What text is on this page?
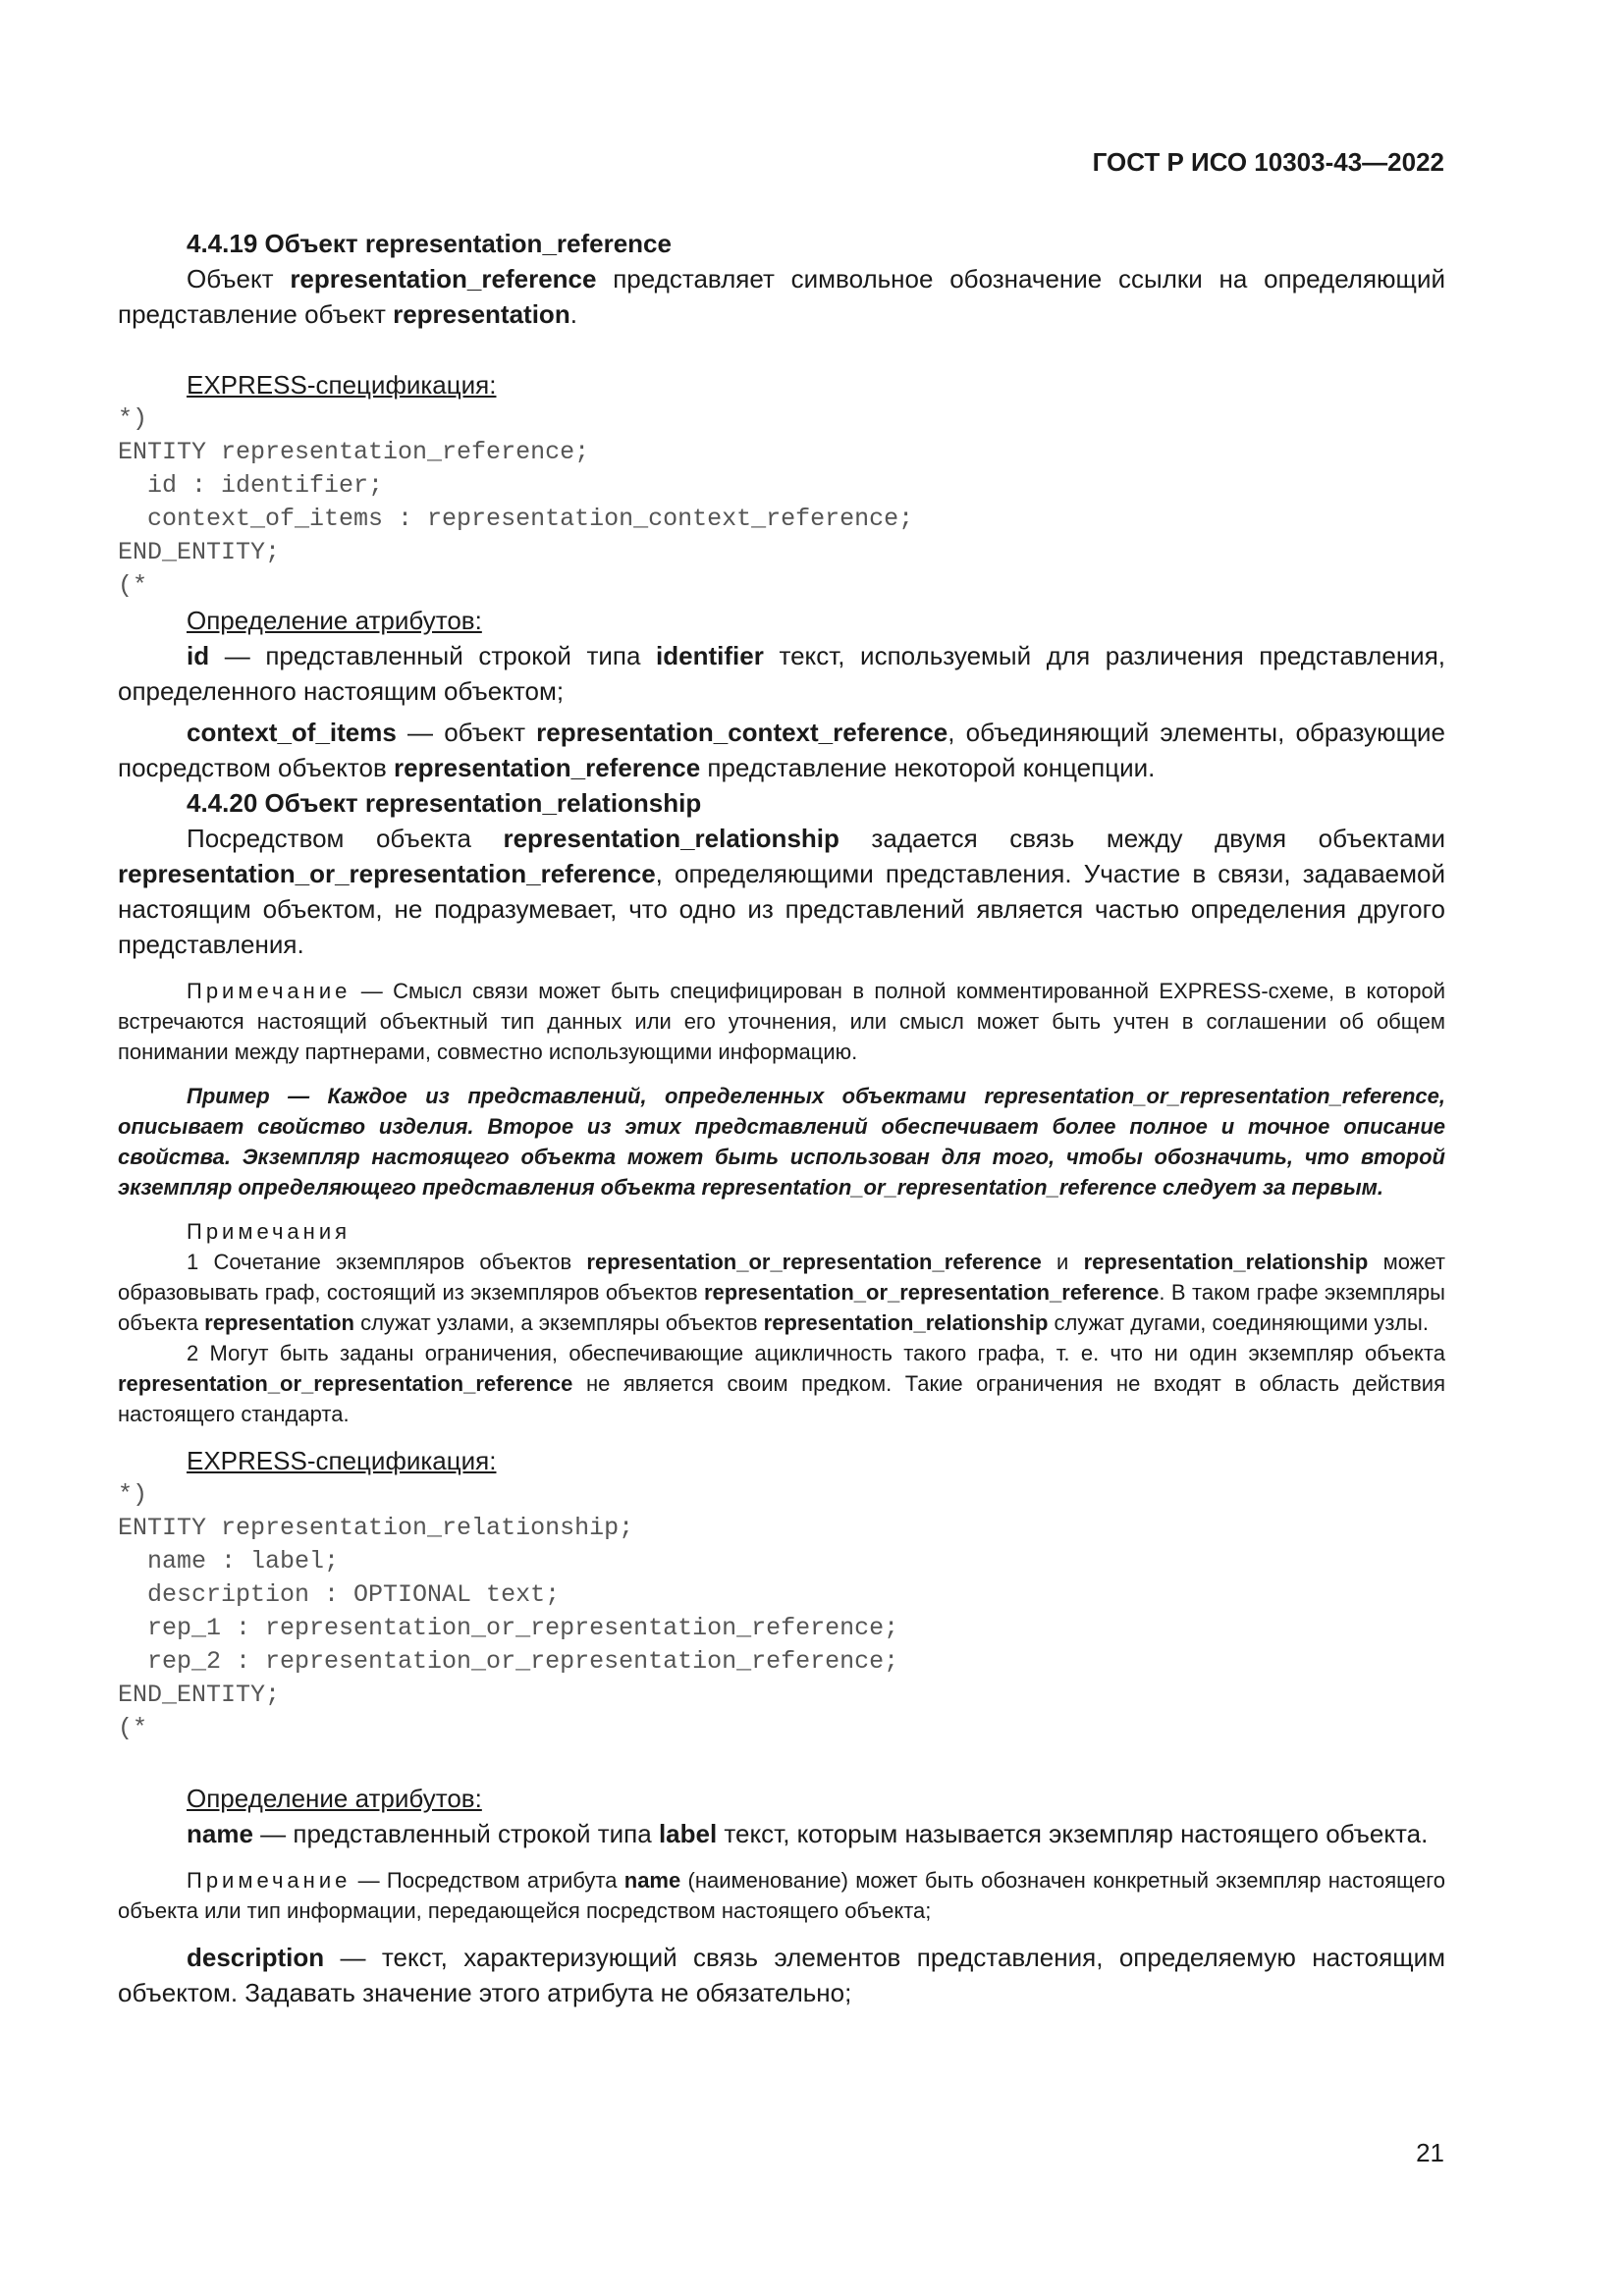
ГОСТ Р ИСО 10303-43—2022
4.4.19 Объект representation_reference

Объект representation_reference представляет символьное обозначение ссылки на определяющий представление объект representation.

EXPRESS-спецификация:
*)
ENTITY representation_reference;
id : identifier;
context_of_items : representation_context_reference;
END_ENTITY;
(*
Определение атрибутов:

id — представленный строкой типа identifier текст, используемый для различения представления, определенного настоящим объектом;

context_of_items — объект representation_context_reference, объединяющий элементы, образующие посредством объектов representation_reference представление некоторой концепции.

4.4.20 Объект representation_relationship

Посредством объекта representation_relationship задается связь между двумя объектами representation_or_representation_reference, определяющими представления. Участие в связи, задаваемой настоящим объектом, не подразумевает, что одно из представлений является частью определения другого представления.

Примечание — Смысл связи может быть специфицирован в полной комментированной EXPRESS-схеме, в которой встречаются настоящий объектный тип данных или его уточнения, или смысл может быть учтен в соглашении об общем понимании между партнерами, совместно использующими информацию.

Пример — Каждое из представлений, определенных объектами representation_or_representation_reference, описывает свойство изделия. Второе из этих представлений обеспечивает более полное и точное описание свойства. Экземпляр настоящего объекта может быть использован для того, чтобы обозначить, что второй экземпляр определяющего представления объекта representation_or_representation_reference следует за первым.

Примечания

1 Сочетание экземпляров объектов representation_or_representation_reference и representation_relationship может образовывать граф, состоящий из экземпляров объектов representation_or_representation_reference. В таком графе экземпляры объекта representation служат узлами, а экземпляры объектов representation_relationship служат дугами, соединяющими узлы.

2 Могут быть заданы ограничения, обеспечивающие ацикличность такого графа, т. е. что ни один экземпляр объекта representation_or_representation_reference не является своим предком. Такие ограничения не входят в область действия настоящего стандарта.

EXPRESS-спецификация:
*)
ENTITY representation_relationship;
name : label;
description : OPTIONAL text;
rep_1 : representation_or_representation_reference;
rep_2 : representation_or_representation_reference;
END_ENTITY;
(*
Определение атрибутов:

name — представленный строкой типа label текст, которым называется экземпляр настоящего объекта.

Примечание — Посредством атрибута name (наименование) может быть обозначен конкретный экземпляр настоящего объекта или тип информации, передающейся посредством настоящего объекта;

description — текст, характеризующий связь элементов представления, определяемую настоящим объектом. Задавать значение этого атрибута не обязательно;

21
